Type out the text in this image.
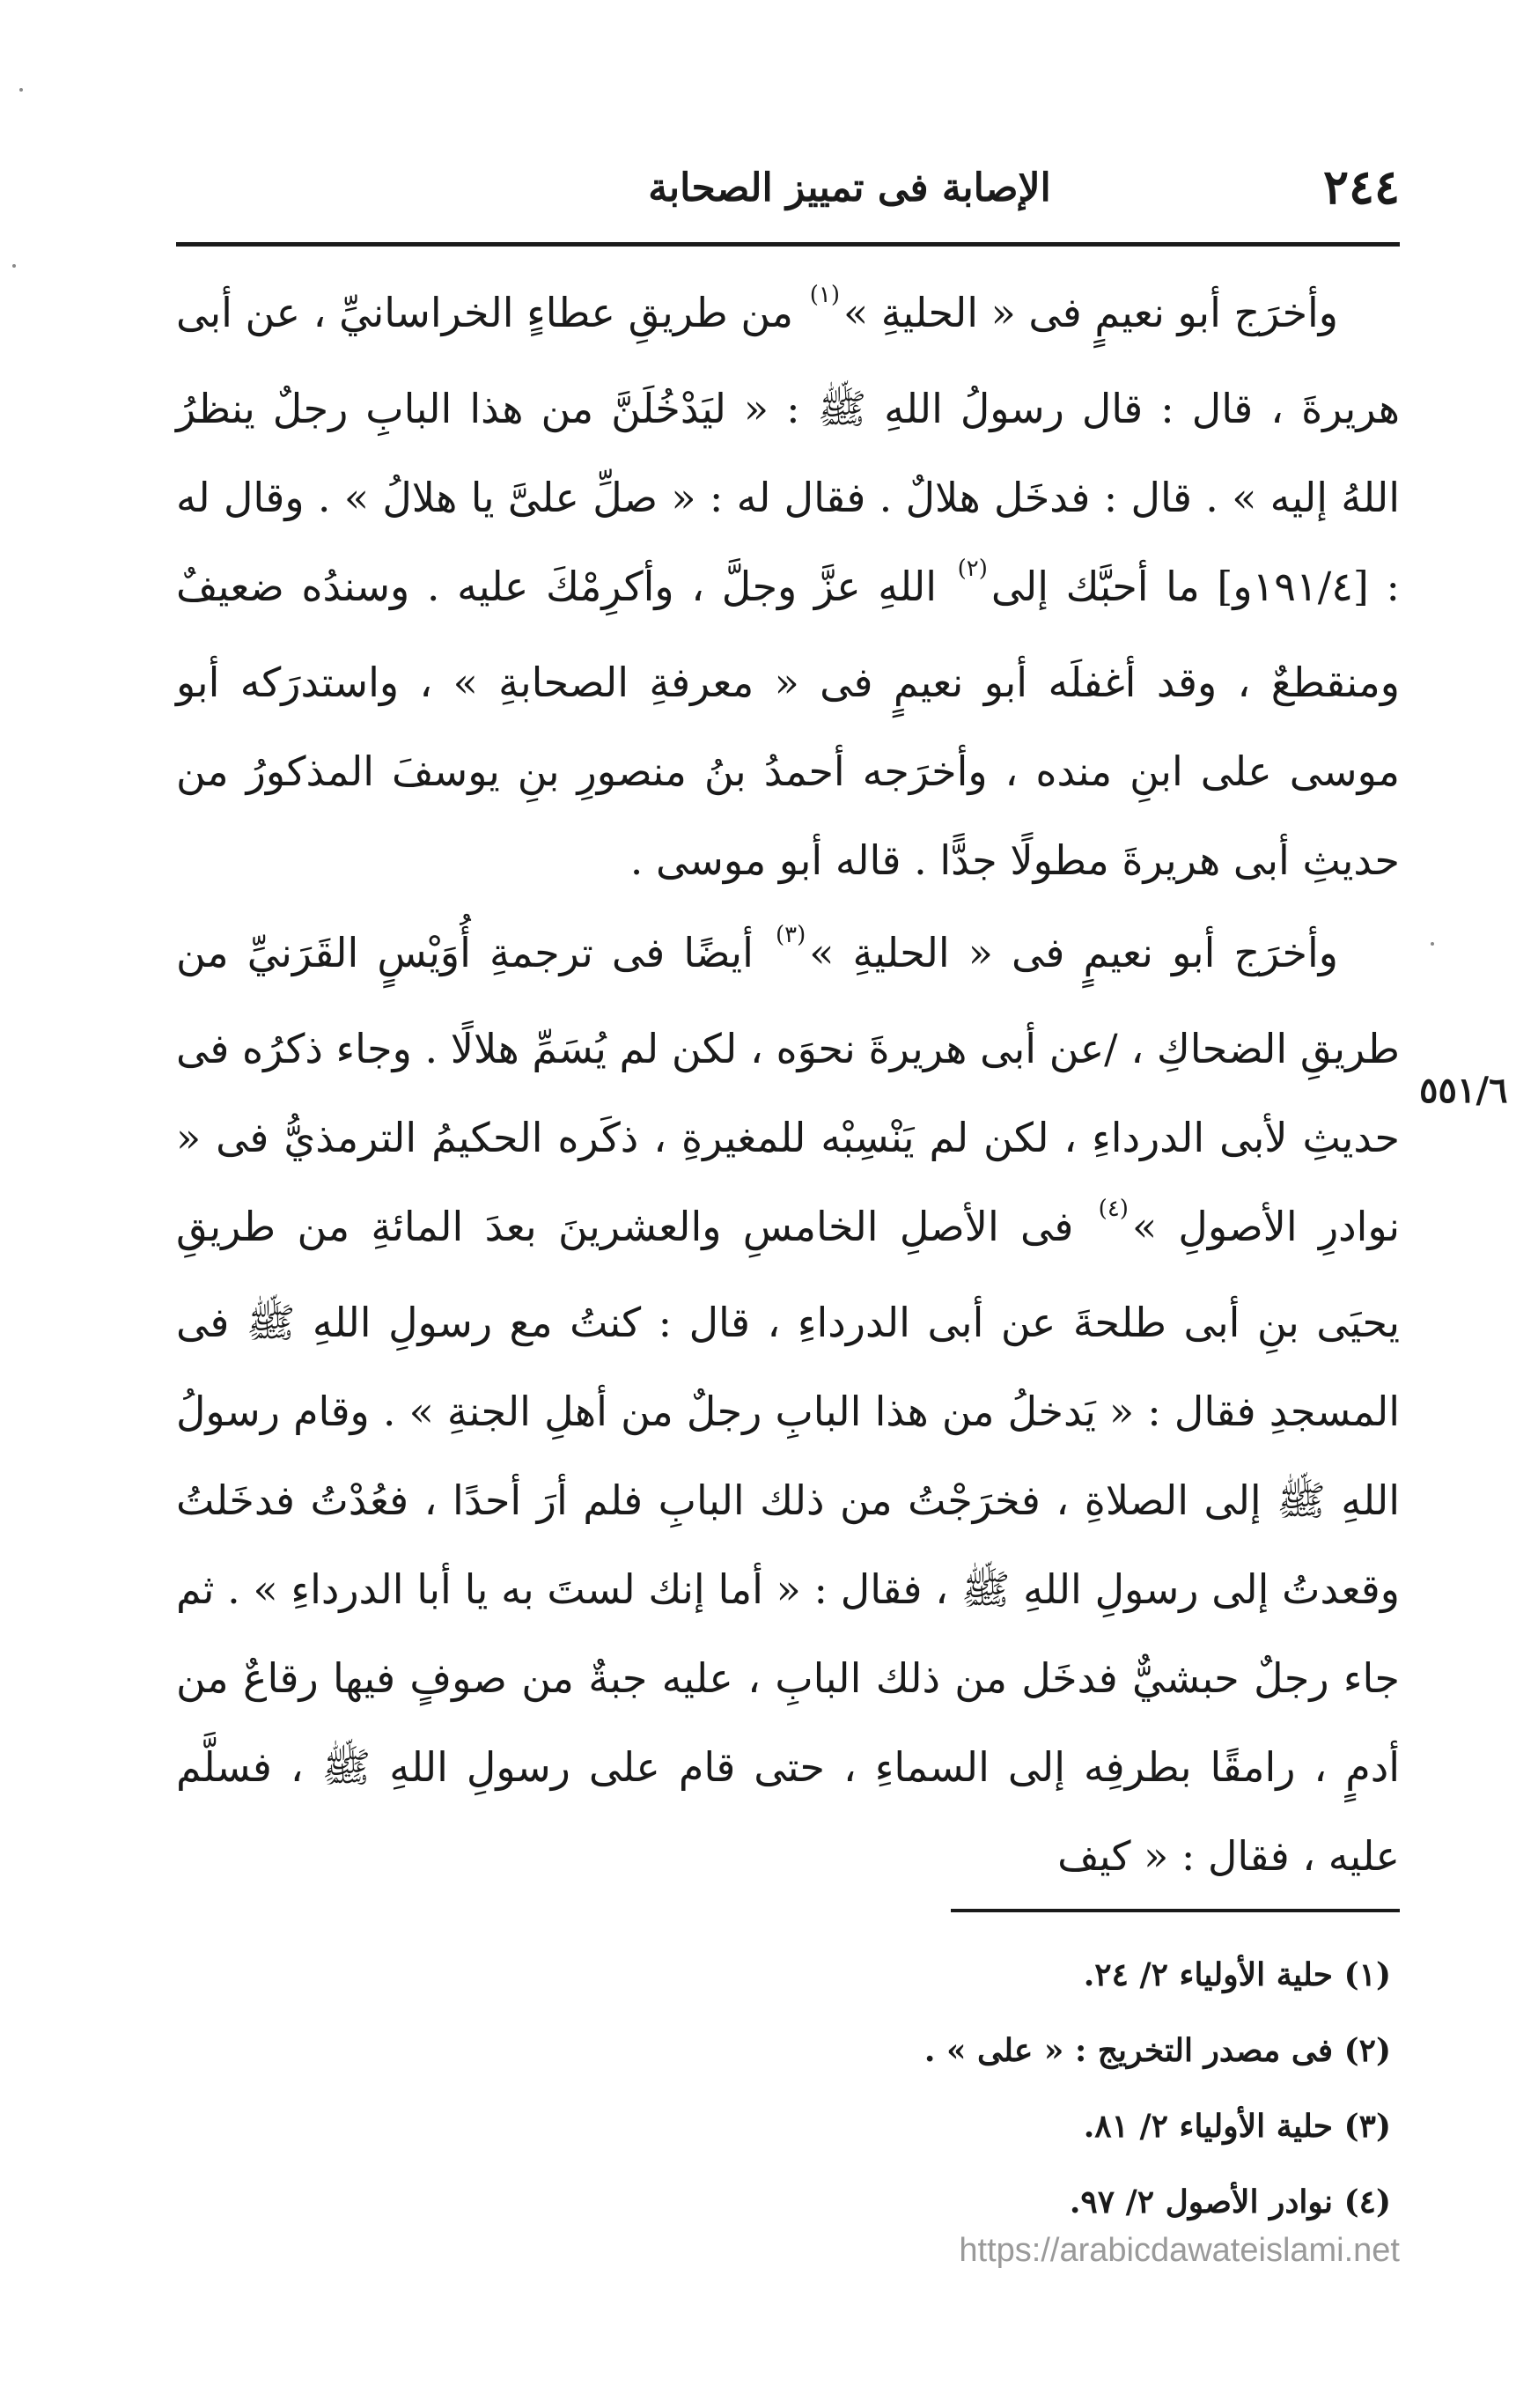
الإصابة فى تمييز الصحابة	٢٤٤

وأخرَج أبو نعيمٍ فى « الحليةِ »$^{(١)}$ من طريقِ عطاءٍ الخراسانيِّ ، عن أبى هريرةَ ، قال : قال رسولُ اللهِ ﷺ : « ليَدْخُلَنَّ من هذا البابِ رجلٌ ينظرُ اللهُ إليه » . قال : فدخَل هلالٌ . فقال له : « صلِّ علىَّ يا هلالُ » . وقال له : [١٩١/٤و] ما أحبَّك إلى$^{(٢)}$ اللهِ عزَّ وجلَّ ، وأكرِمْكَ عليه . وسندُه ضعيفٌ ومنقطعٌ ، وقد أغفلَه أبو نعيمٍ فى « معرفةِ الصحابةِ » ، واستدرَكه أبو موسى على ابنِ منده ، وأخرَجه أحمدُ بنُ منصورِ بنِ يوسفَ المذكورُ من حديثِ أبى هريرةَ مطولًا جدًّا . قاله أبو موسى .

وأخرَج أبو نعيمٍ فى « الحليةِ »$^{(٣)}$ أيضًا فى ترجمةِ أُوَيْسٍ القَرَنيِّ من طريقِ الضحاكِ ، /عن أبى هريرةَ نحوَه ، لكن لم يُسَمِّ هلالًا . وجاء ذكرُه فى حديثِ لأبى الدرداءِ ، لكن لم يَنْسِبْه للمغيرةِ ، ذكَره الحكيمُ الترمذيُّ فى « نوادرِ الأصولِ »$^{(٤)}$ فى الأصلِ الخامسِ والعشرينَ بعدَ المائةِ من طريقِ يحيَى بنِ أبى طلحةَ عن أبى الدرداءِ ، قال : كنتُ مع رسولِ اللهِ ﷺ فى المسجدِ فقال : « يَدخلُ من هذا البابِ رجلٌ من أهلِ الجنةِ » . وقام رسولُ اللهِ ﷺ إلى الصلاةِ ، فخرَجْتُ من ذلك البابِ فلم أرَ أحدًا ، فعُدْتُ فدخَلتُ وقعدتُ إلى رسولِ اللهِ ﷺ ، فقال : « أما إنك لستَ به يا أبا الدرداءِ » . ثم جاء رجلٌ حبشيٌّ فدخَل من ذلك البابِ ، عليه جبةٌ من صوفٍ فيها رقاعٌ من أدمٍ ، رامقًا بطرفِه إلى السماءِ ، حتى قام على رسولِ اللهِ ﷺ ، فسلَّم عليه ، فقال : « كيف

٥٥١/٦

(١) حلية الأولياء ٢/ ٢٤.

(٢) فى مصدر التخريج : « على » .

(٣) حلية الأولياء ٢/ ٨١.

(٤) نوادر الأصول ٢/ ٩٧.

https://arabicdawateislami.net
